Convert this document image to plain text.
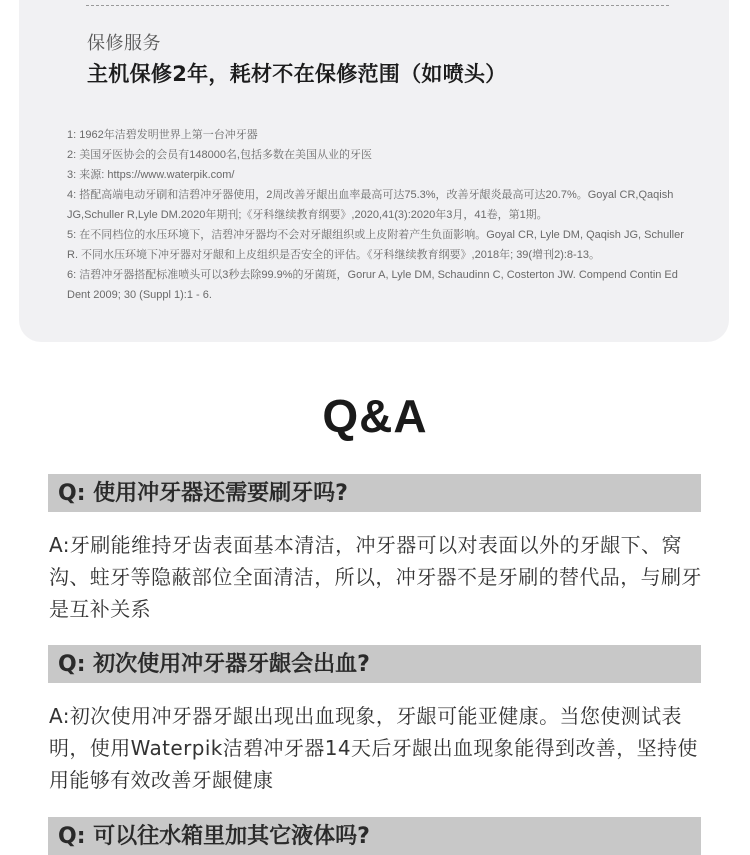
保修服务
主机保修2年，耗材不在保修范围（如喷头）
1: 1962年洁碧发明世界上第一台冲牙器
2: 美国牙医协会的会员有148000名,包括多数在美国从业的牙医
3: 来源: https://www.waterpik.com/
4: 搭配高端电动牙刷和洁碧冲牙器使用，2周改善牙龈出血率最高可达75.3%，改善牙龈炎最高可达20.7%。Goyal CR,Qaqish JG,Schuller R,Lyle DM.2020年期刊;《牙科继续教育纲要》,2020,41(3):2020年3月，41卷，第1期。
5: 在不同档位的水压环境下，洁碧冲牙器均不会对牙龈组织或上皮附着产生负面影响。Goyal CR, Lyle DM, Qaqish JG, Schuller R. 不同水压环境下冲牙器对牙龈和上皮组织是否安全的评估。《牙科继续教育纲要》,2018年; 39(增刊2):8-13。
6: 洁碧冲牙器搭配标准喷头可以3秒去除99.9%的牙菌斑，Gorur A, Lyle DM, Schaudinn C, Costerton JW. Compend Contin Ed Dent 2009; 30 (Suppl 1):1 - 6.
Q&A
Q: 使用冲牙器还需要刷牙吗?
A:牙刷能维持牙齿表面基本清洁，冲牙器可以对表面以外的牙龈下、窝沟、蛀牙等隐蔽部位全面清洁，所以，冲牙器不是牙刷的替代品，与刷牙是互补关系
Q: 初次使用冲牙器牙龈会出血?
A:初次使用冲牙器牙龈出现出血现象，牙龈可能亚健康。当您使测试表明，使用Waterpik洁碧冲牙器14天后牙龈出血现象能得到改善，坚持使用能够有效改善牙龈健康
Q: 可以往水箱里加其它液体吗?
